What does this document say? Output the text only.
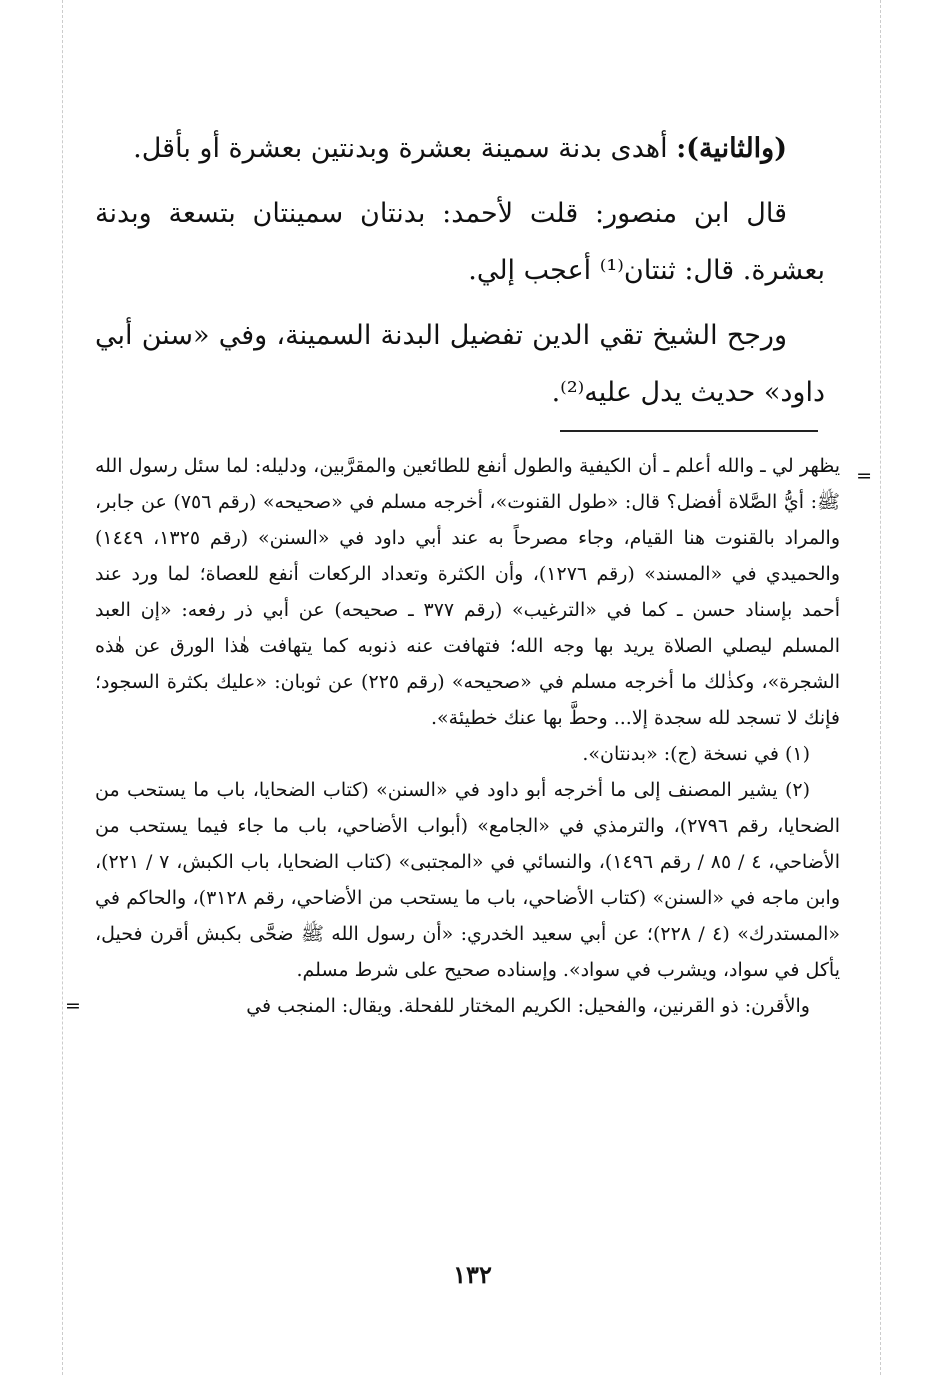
(والثانية): أهدى بدنة سمينة بعشرة وبدنتين بعشرة أو بأقل.

قال ابن منصور: قلت لأحمد: بدنتان سمينتان بتسعة وبدنة بعشرة. قال: ثنتان⁽¹⁾ أعجب إلي.

ورجح الشيخ تقي الدين تفضيل البدنة السمينة، وفي «سنن أبي داود» حديث يدل عليه⁽²⁾.

=
يظهر لي ـ والله أعلم ـ أن الكيفية والطول أنفع للطائعين والمقرَّبين، ودليله: لما سئل رسول الله ﷺ: أيُّ الصَّلاة أفضل؟ قال: «طول القنوت»، أخرجه مسلم في «صحيحه» (رقم ٧٥٦) عن جابر، والمراد بالقنوت هنا القيام، وجاء مصرحاً به عند أبي داود في «السنن» (رقم ١٣٢٥، ١٤٤٩) والحميدي في «المسند» (رقم ١٢٧٦)، وأن الكثرة وتعداد الركعات أنفع للعصاة؛ لما ورد عند أحمد بإسناد حسن ـ كما في «الترغيب» (رقم ٣٧٧ ـ صحيحه) عن أبي ذر رفعه: «إن العبد المسلم ليصلي الصلاة يريد بها وجه الله؛ فتهافت عنه ذنوبه كما يتهافت هٰذا الورق عن هٰذه الشجرة»، وكذٰلك ما أخرجه مسلم في «صحيحه» (رقم ٢٢٥) عن ثوبان: «عليك بكثرة السجود؛ فإنك لا تسجد لله سجدة إلا... وحطَّ بها عنك خطيئة».

(١) في نسخة (ج): «بدنتان».

(٢) يشير المصنف إلى ما أخرجه أبو داود في «السنن» (كتاب الضحايا، باب ما يستحب من الضحايا، رقم ٢٧٩٦)، والترمذي في «الجامع» (أبواب الأضاحي، باب ما جاء فيما يستحب من الأضاحي، ٤ / ٨٥ / رقم ١٤٩٦)، والنسائي في «المجتبى» (كتاب الضحايا، باب الكبش، ٧ / ٢٢١)، وابن ماجه في «السنن» (كتاب الأضاحي، باب ما يستحب من الأضاحي، رقم ٣١٢٨)، والحاكم في «المستدرك» (٤ / ٢٢٨)؛ عن أبي سعيد الخدري: «أن رسول الله ﷺ ضحَّى بكبش أقرن فحيل، يأكل في سواد، ويشرب في سواد». وإسناده صحيح على شرط مسلم.

والأقرن: ذو القرنين، والفحيل: الكريم المختار للفحلة. ويقال: المنجب في
=

١٣٢
